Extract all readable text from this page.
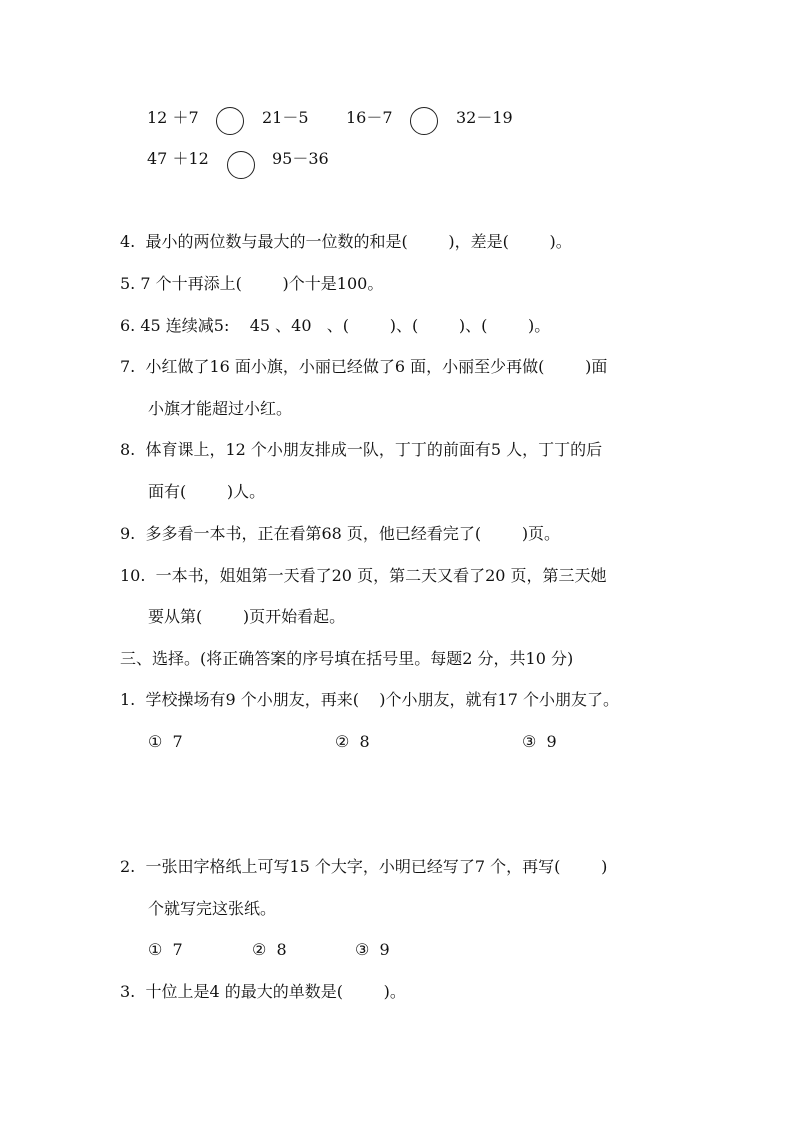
12 ＋7	21－5 16－7	32－19
47 ＋12	95－36
4.  最小的两位数与最大的一位数的和是(        )，差是(        )。
5. 7 个十再添上(        )个十是100。
6. 45 连续减5:    45 、40   、(        )、(        )、(        )。
7.  小红做了16 面小旗，小丽已经做了6 面，小丽至少再做(        )面
小旗才能超过小红。
8.  体育课上，12 个小朋友排成一队，丁丁的前面有5 人，丁丁的后
面有(        )人。
9.  多多看一本书，正在看第68 页，他已经看完了(        )页。
10.  一本书，姐姐第一天看了20 页，第二天又看了20 页，第三天她
要从第(        )页开始看起。
三、选择。(将正确答案的序号填在括号里。每题2 分，共10 分)
1.  学校操场有9 个小朋友，再来(    )个小朋友，就有17 个小朋友了。
①  7	②  8	③  9
2.  一张田字格纸上可写15 个大字，小明已经写了7 个，再写(        )
个就写完这张纸。
①  7	②  8	③  9
3.  十位上是4 的最大的单数是(        )。
